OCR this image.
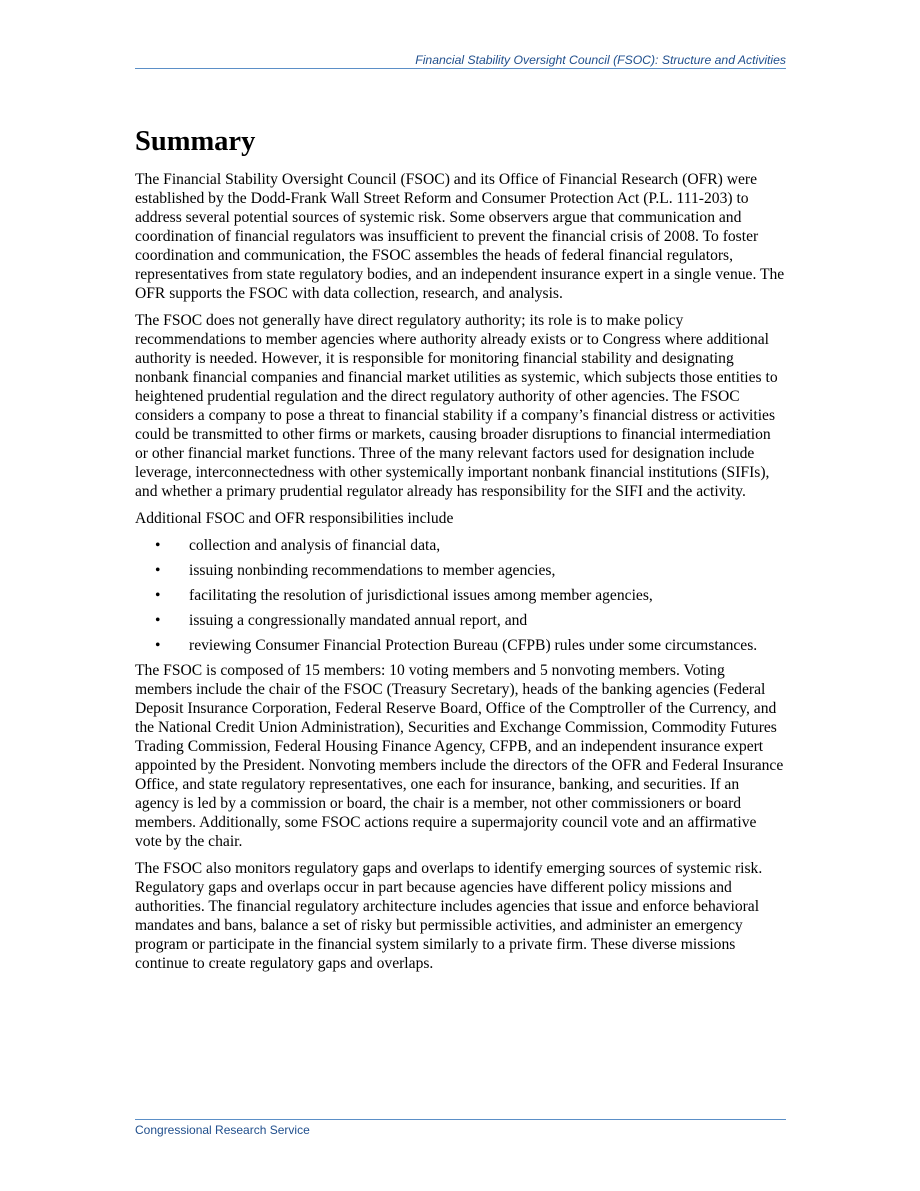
Financial Stability Oversight Council (FSOC): Structure and Activities
Summary

The Financial Stability Oversight Council (FSOC) and its Office of Financial Research (OFR) were established by the Dodd-Frank Wall Street Reform and Consumer Protection Act (P.L. 111-203) to address several potential sources of systemic risk. Some observers argue that communication and coordination of financial regulators was insufficient to prevent the financial crisis of 2008. To foster coordination and communication, the FSOC assembles the heads of federal financial regulators, representatives from state regulatory bodies, and an independent insurance expert in a single venue. The OFR supports the FSOC with data collection, research, and analysis.

The FSOC does not generally have direct regulatory authority; its role is to make policy recommendations to member agencies where authority already exists or to Congress where additional authority is needed. However, it is responsible for monitoring financial stability and designating nonbank financial companies and financial market utilities as systemic, which subjects those entities to heightened prudential regulation and the direct regulatory authority of other agencies. The FSOC considers a company to pose a threat to financial stability if a company’s financial distress or activities could be transmitted to other firms or markets, causing broader disruptions to financial intermediation or other financial market functions. Three of the many relevant factors used for designation include leverage, interconnectedness with other systemically important nonbank financial institutions (SIFIs), and whether a primary prudential regulator already has responsibility for the SIFI and the activity.

Additional FSOC and OFR responsibilities include

• collection and analysis of financial data,
• issuing nonbinding recommendations to member agencies,
• facilitating the resolution of jurisdictional issues among member agencies,
• issuing a congressionally mandated annual report, and
• reviewing Consumer Financial Protection Bureau (CFPB) rules under some circumstances.

The FSOC is composed of 15 members: 10 voting members and 5 nonvoting members. Voting members include the chair of the FSOC (Treasury Secretary), heads of the banking agencies (Federal Deposit Insurance Corporation, Federal Reserve Board, Office of the Comptroller of the Currency, and the National Credit Union Administration), Securities and Exchange Commission, Commodity Futures Trading Commission, Federal Housing Finance Agency, CFPB, and an independent insurance expert appointed by the President. Nonvoting members include the directors of the OFR and Federal Insurance Office, and state regulatory representatives, one each for insurance, banking, and securities. If an agency is led by a commission or board, the chair is a member, not other commissioners or board members. Additionally, some FSOC actions require a supermajority council vote and an affirmative vote by the chair.

The FSOC also monitors regulatory gaps and overlaps to identify emerging sources of systemic risk. Regulatory gaps and overlaps occur in part because agencies have different policy missions and authorities. The financial regulatory architecture includes agencies that issue and enforce behavioral mandates and bans, balance a set of risky but permissible activities, and administer an emergency program or participate in the financial system similarly to a private firm. These diverse missions continue to create regulatory gaps and overlaps.

Congressional Research Service
